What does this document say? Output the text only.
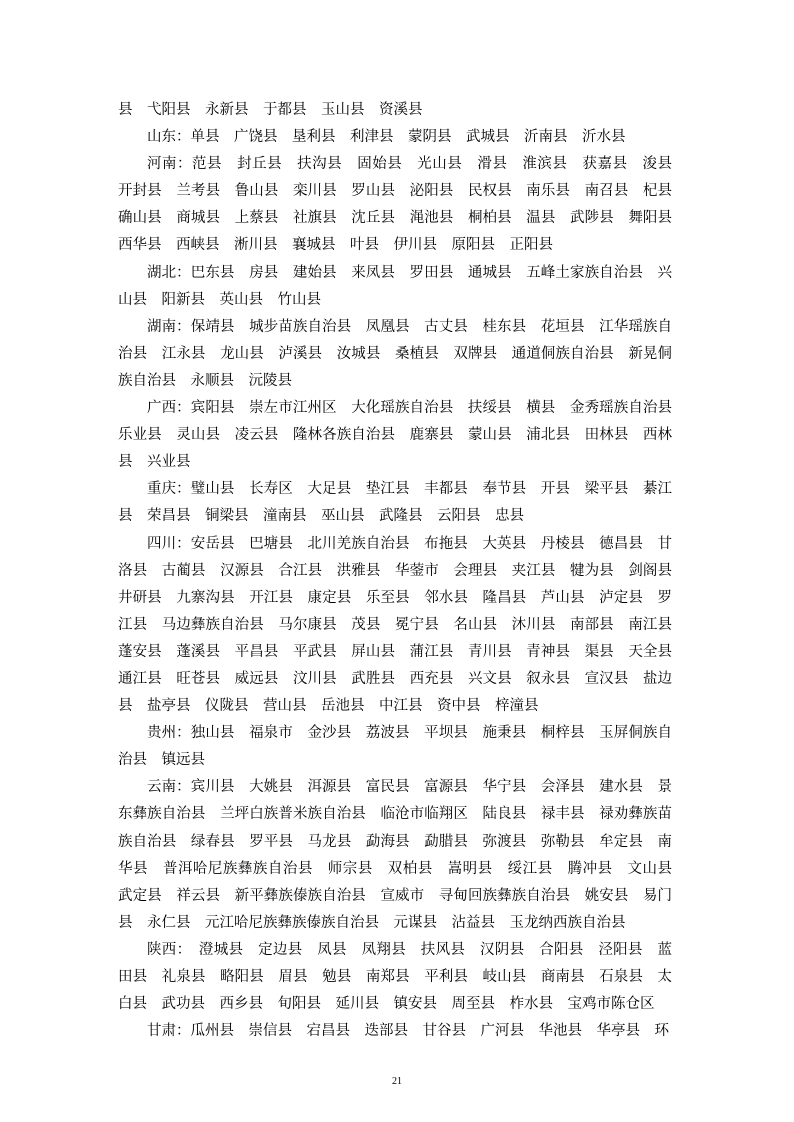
县　弋阳县　永新县　于都县　玉山县　资溪县

山东：单县　广饶县　垦利县　利津县　蒙阴县　武城县　沂南县　沂水县

河南：范县　封丘县　扶沟县　固始县　光山县　滑县　淮滨县　获嘉县　浚县　开封县　兰考县　鲁山县　栾川县　罗山县　泌阳县　民权县　南乐县　南召县　杞县　确山县　商城县　上蔡县　社旗县　沈丘县　渑池县　桐柏县　温县　武陟县　舞阳县　西华县　西峡县　淅川县　襄城县　叶县　伊川县　原阳县　正阳县

湖北：巴东县　房县　建始县　来凤县　罗田县　通城县　五峰土家族自治县　兴山县　阳新县　英山县　竹山县

湖南：保靖县　城步苗族自治县　凤凰县　古丈县　桂东县　花垣县　江华瑶族自治县　江永县　龙山县　泸溪县　汝城县　桑植县　双牌县　通道侗族自治县　新晃侗族自治县　永顺县　沅陵县

广西：宾阳县　崇左市江州区　大化瑶族自治县　扶绥县　横县　金秀瑶族自治县　乐业县　灵山县　凌云县　隆林各族自治县　鹿寨县　蒙山县　浦北县　田林县　西林县　兴业县

重庆：璧山县　长寿区　大足县　垫江县　丰都县　奉节县　开县　梁平县　綦江县　荣昌县　铜梁县　潼南县　巫山县　武隆县　云阳县　忠县

四川：安岳县　巴塘县　北川羌族自治县　布拖县　大英县　丹棱县　德昌县　甘洛县　古蔺县　汉源县　合江县　洪雅县　华蓥市　会理县　夹江县　犍为县　剑阁县　井研县　九寨沟县　开江县　康定县　乐至县　邻水县　隆昌县　芦山县　泸定县　罗江县　马边彝族自治县　马尔康县　茂县　冕宁县　名山县　沐川县　南部县　南江县　蓬安县　蓬溪县　平昌县　平武县　屏山县　蒲江县　青川县　青神县　渠县　天全县　通江县　旺苍县　威远县　汶川县　武胜县　西充县　兴文县　叙永县　宣汉县　盐边县　盐亭县　仪陇县　营山县　岳池县　中江县　资中县　梓潼县

贵州：独山县　福泉市　金沙县　荔波县　平坝县　施秉县　桐梓县　玉屏侗族自治县　镇远县

云南：宾川县　大姚县　洱源县　富民县　富源县　华宁县　会泽县　建水县　景东彝族自治县　兰坪白族普米族自治县　临沧市临翔区　陆良县　禄丰县　禄劝彝族苗族自治县　绿春县　罗平县　马龙县　勐海县　勐腊县　弥渡县　弥勒县　牟定县　南华县　普洱哈尼族彝族自治县　师宗县　双柏县　嵩明县　绥江县　腾冲县　文山县　武定县　祥云县　新平彝族傣族自治县　宣威市　寻甸回族彝族自治县　姚安县　易门县　永仁县　元江哈尼族彝族傣族自治县　元谋县　沾益县　玉龙纳西族自治县

陕西：　澄城县　定边县　凤县　凤翔县　扶风县　汉阴县　合阳县　泾阳县　蓝田县　礼泉县　略阳县　眉县　勉县　南郑县　平利县　岐山县　商南县　石泉县　太白县　武功县　西乡县　旬阳县　延川县　镇安县　周至县　柞水县　宝鸡市陈仓区

甘肃：瓜州县　崇信县　宕昌县　迭部县　甘谷县　广河县　华池县　华亭县　环

21
